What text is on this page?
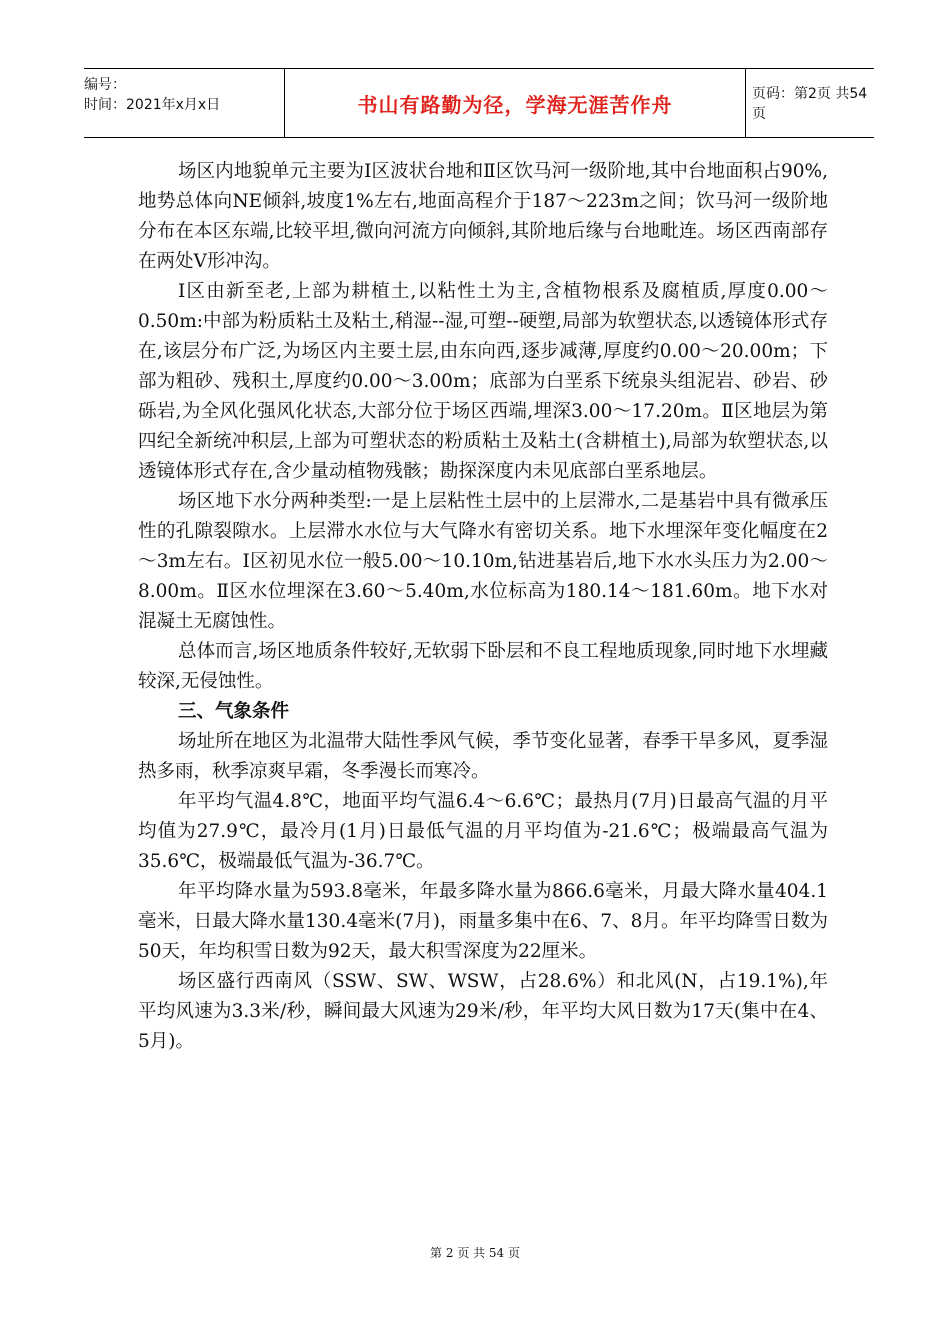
编号：
时间：2021年x月x日	书山有路勤为径，学海无涯苦作舟	页码：第2页 共54页

场区内地貌单元主要为Ⅰ区波状台地和Ⅱ区饮马河一级阶地,其中台地面积占90%,地势总体向NE倾斜,坡度1%左右,地面高程介于187～223m之间；饮马河一级阶地分布在本区东端,比较平坦,微向河流方向倾斜,其阶地后缘与台地毗连。场区西南部存在两处V形冲沟。

Ⅰ区由新至老,上部为耕植土,以粘性土为主,含植物根系及腐植质,厚度0.00～0.50m:中部为粉质粘土及粘土,稍湿--湿,可塑--硬塑,局部为软塑状态,以透镜体形式存在,该层分布广泛,为场区内主要土层,由东向西,逐步减薄,厚度约0.00～20.00m；下部为粗砂、残积土,厚度约0.00～3.00m；底部为白垩系下统泉头组泥岩、砂岩、砂砾岩,为全风化强风化状态,大部分位于场区西端,埋深3.00～17.20m。Ⅱ区地层为第四纪全新统冲积层,上部为可塑状态的粉质粘土及粘土(含耕植土),局部为软塑状态,以透镜体形式存在,含少量动植物残骸；勘探深度内未见底部白垩系地层。

场区地下水分两种类型:一是上层粘性土层中的上层滞水,二是基岩中具有微承压性的孔隙裂隙水。上层滞水水位与大气降水有密切关系。地下水埋深年变化幅度在2～3m左右。Ⅰ区初见水位一般5.00～10.10m,钻进基岩后,地下水水头压力为2.00～8.00m。Ⅱ区水位埋深在3.60～5.40m,水位标高为180.14～181.60m。地下水对混凝土无腐蚀性。

总体而言,场区地质条件较好,无软弱下卧层和不良工程地质现象,同时地下水埋藏较深,无侵蚀性。

三、气象条件

场址所在地区为北温带大陆性季风气候，季节变化显著，春季干旱多风，夏季湿热多雨，秋季凉爽早霜，冬季漫长而寒冷。

年平均气温4.8℃，地面平均气温6.4～6.6℃；最热月(7月)日最高气温的月平均值为27.9℃，最冷月(1月)日最低气温的月平均值为-21.6℃；极端最高气温为35.6℃，极端最低气温为-36.7℃。

年平均降水量为593.8毫米，年最多降水量为866.6毫米，月最大降水量404.1毫米，日最大降水量130.4毫米(7月)，雨量多集中在6、7、8月。年平均降雪日数为50天，年均积雪日数为92天，最大积雪深度为22厘米。

场区盛行西南风（SSW、SW、WSW，占28.6%）和北风(N，占19.1%),年平均风速为3.3米/秒，瞬间最大风速为29米/秒，年平均大风日数为17天(集中在4、5月)。

第 2 页 共 54 页
